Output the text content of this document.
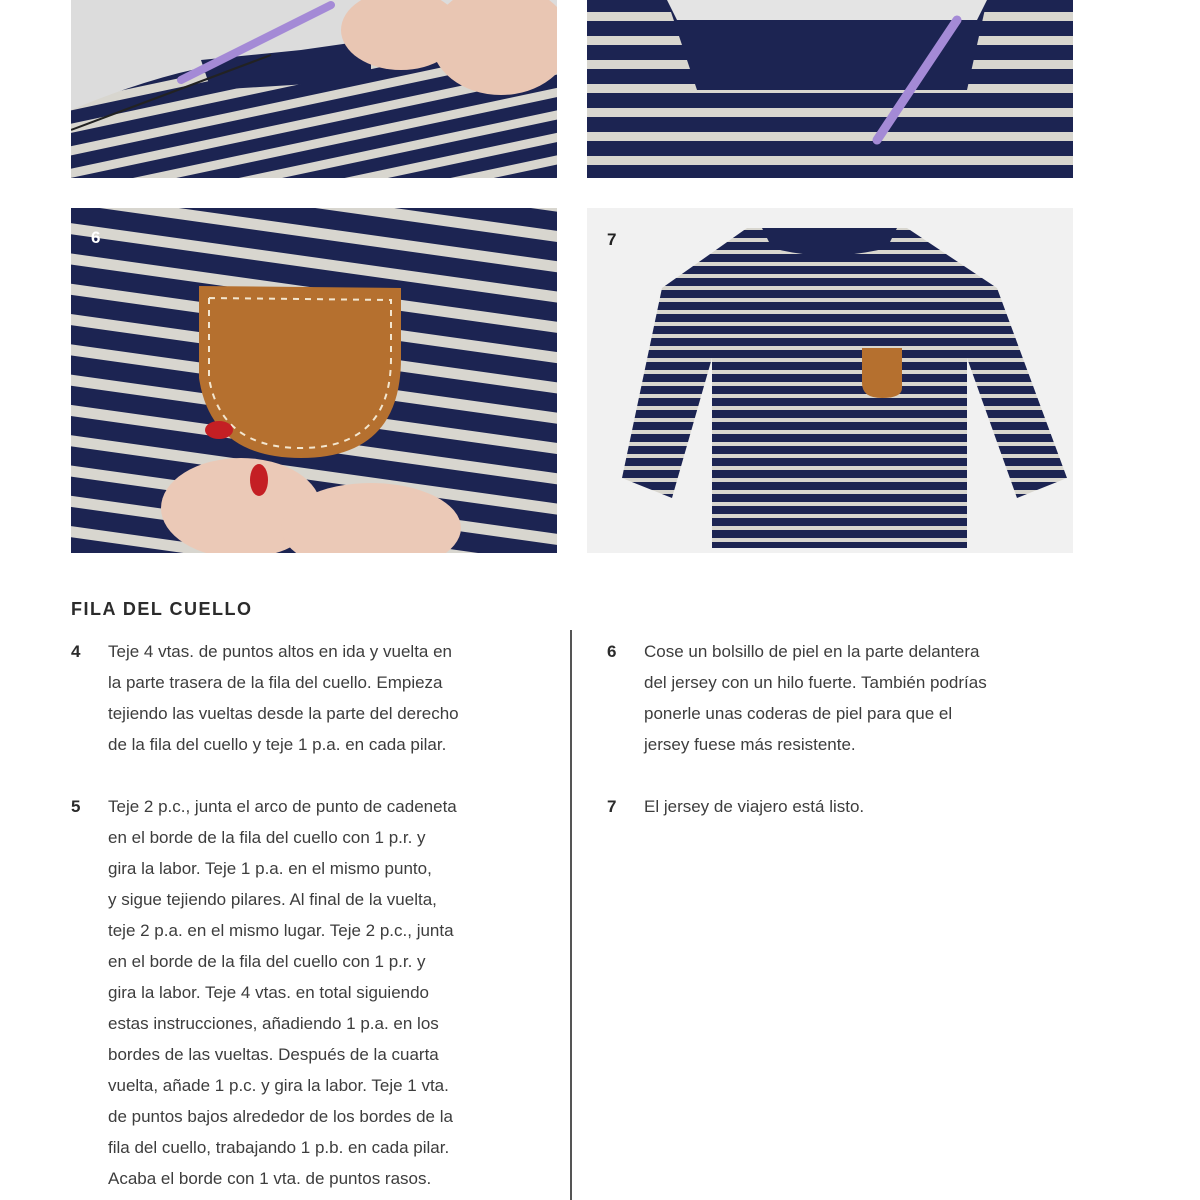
6	7
FILA DEL CUELLO
4 Teje 4 vtas. de puntos altos en ida y vuelta en
la parte trasera de la fila del cuello. Empieza
tejiendo las vueltas desde la parte del derecho
de la fila del cuello y teje 1 p.a. en cada pilar.
5 Teje 2 p.c., junta el arco de punto de cadeneta
en el borde de la fila del cuello con 1 p.r. y
gira la labor. Teje 1 p.a. en el mismo punto,
y sigue tejiendo pilares. Al final de la vuelta,
teje 2 p.a. en el mismo lugar. Teje 2 p.c., junta
en el borde de la fila del cuello con 1 p.r. y
gira la labor. Teje 4 vtas. en total siguiendo
estas instrucciones, añadiendo 1 p.a. en los
bordes de las vueltas. Después de la cuarta
vuelta, añade 1 p.c. y gira la labor. Teje 1 vta.
de puntos bajos alrededor de los bordes de la
fila del cuello, trabajando 1 p.b. en cada pilar.
Acaba el borde con 1 vta. de puntos rasos.
6 Cose un bolsillo de piel en la parte delantera
del jersey con un hilo fuerte. También podrías
ponerle unas coderas de piel para que el
jersey fuese más resistente.
7 El jersey de viajero está listo.
